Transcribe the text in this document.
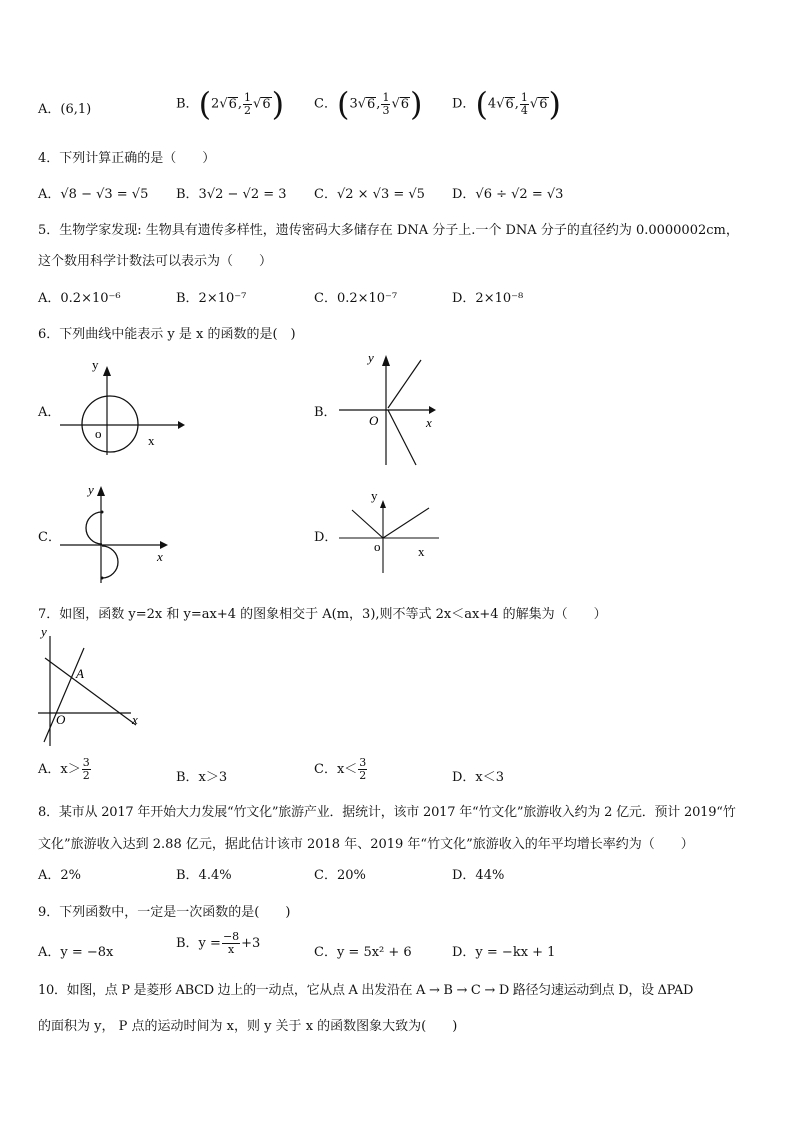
A．(6,1)	B．(2√6, $\frac{1}{2} √6$) C．(3√6, $\frac{1}{3} √6$) D．(4√6, $\frac{1}{4} √6$)
4．下列计算正确的是（　　）
A．√8 − √3 = √5 B．3√2 − √2 = 3 C．√2 × √3 = √5 D．√6 ÷ √2 = √3
5．生物学家发现: 生物具有遗传多样性，遗传密码大多储存在 DNA 分子上.一个 DNA 分子的直径约为 0.0000002cm，
这个数用科学计数法可以表示为（　　）
A．0.2×10⁻⁶	B．2×10⁻⁷	C．0.2×10⁻⁷	D．2×10⁻⁸
6．下列曲线中能表示 y 是 x 的函数的是(　)
A．
y
o	x
B．
y
O	x
C．
y
x
D．
y
o	x
7．如图，函数 y=2x 和 y=ax+4 的图象相交于 A(m，3),则不等式 2x＜ax+4 的解集为（　　）
y
A
O	x
A．$x> \frac{3}{2}$	B．x＞3
C．$x< \frac{3}{2}$	D．x＜3
8．某市从 2017 年开始大力发展“竹文化”旅游产业．据统计，该市 2017 年“竹文化”旅游收入约为 2 亿元．预计 2019“竹
文化”旅游收入达到 2.88 亿元，据此估计该市 2018 年、2019 年“竹文化”旅游收入的年平均增长率约为（　　）
A．2%	B．4.4%	C．20%	D．44%
9．下列函数中，一定是一次函数的是(　　)
A．y = −8x
B．$y = \frac{-8}{x} +3$
C．y = 5x² + 6	D．y = −kx + 1
10．如图，点 P 是菱形 ABCD 边上的一动点，它从点 A 出发沿在 A → B → C → D 路径匀速运动到点 D，设 ΔPAD
的面积为 y， P 点的运动时间为 x，则 y 关于 x 的函数图象大致为(　　)
